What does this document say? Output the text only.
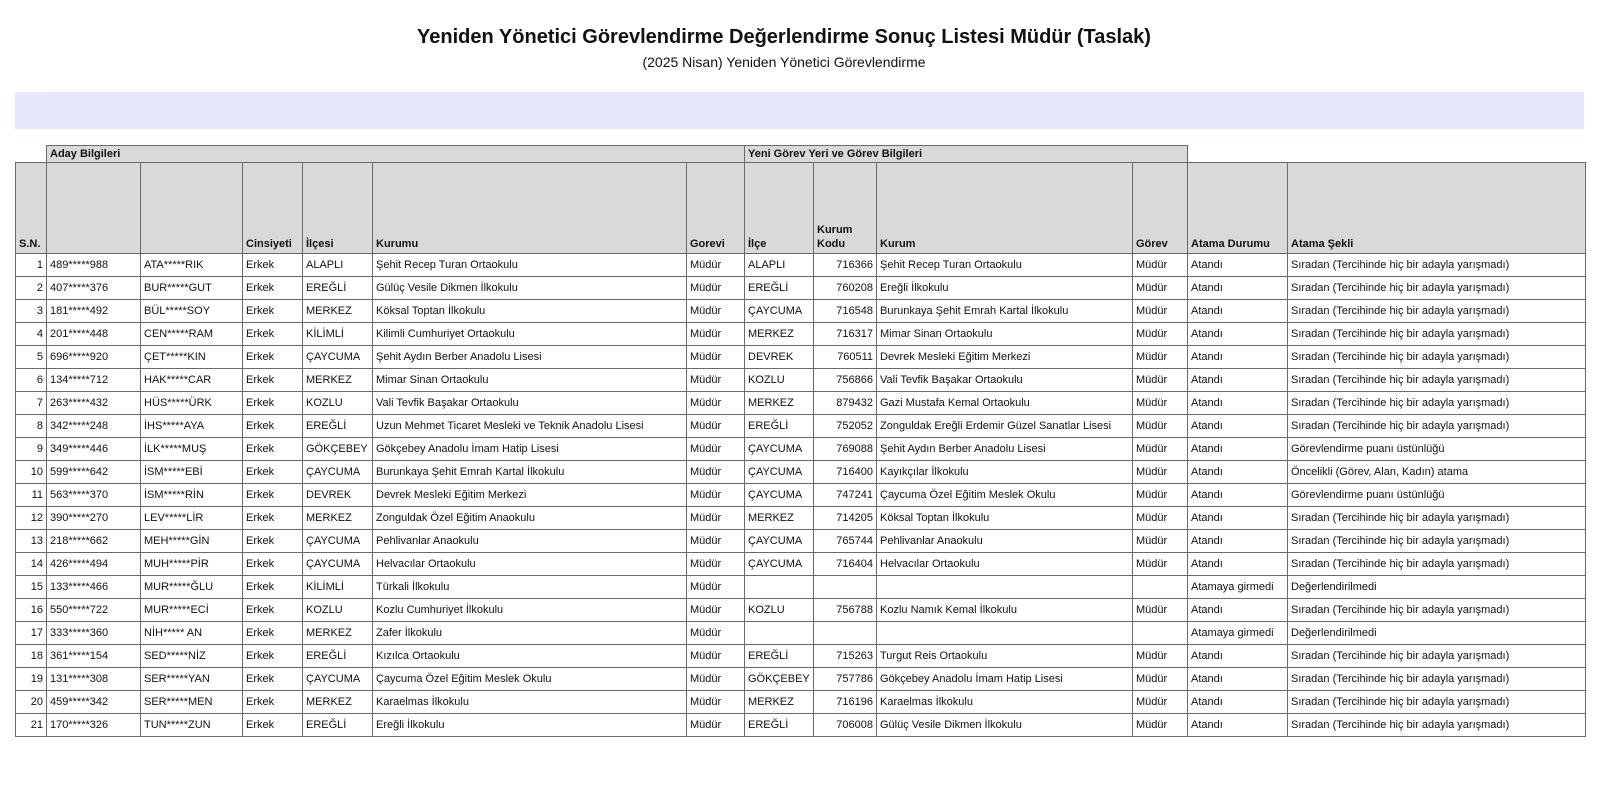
Yeniden Yönetici Görevlendirme Değerlendirme Sonuç Listesi Müdür (Taslak)
(2025 Nisan) Yeniden Yönetici Görevlendirme
	Aday Bilgileri						Yeni Görev Yeri ve Görev Bilgileri					
S.N.			Cinsiyeti	İlçesi	Kurumu	Gorevi	İlçe	Kurum Kodu	Kurum	Görev	Atama Durumu	Atama Şekli
1	489*****988	ATA*****RIK	Erkek	ALAPLI	Şehit Recep Turan Ortaokulu	Müdür	ALAPLI	716366	Şehit Recep Turan Ortaokulu	Müdür	Atandı	Sıradan (Tercihinde hiç bir adayla yarışmadı)
2	407*****376	BUR*****GUT	Erkek	EREĞLİ	Gülüç Vesile Dikmen İlkokulu	Müdür	EREĞLİ	760208	Ereğli İlkokulu	Müdür	Atandı	Sıradan (Tercihinde hiç bir adayla yarışmadı)
3	181*****492	BÜL*****SOY	Erkek	MERKEZ	Köksal Toptan İlkokulu	Müdür	ÇAYCUMA	716548	Burunkaya Şehit Emrah Kartal İlkokulu	Müdür	Atandı	Sıradan (Tercihinde hiç bir adayla yarışmadı)
4	201*****448	CEN*****RAM	Erkek	KİLİMLİ	Kilimli Cumhuriyet Ortaokulu	Müdür	MERKEZ	716317	Mimar Sinan Ortaokulu	Müdür	Atandı	Sıradan (Tercihinde hiç bir adayla yarışmadı)
5	696*****920	ÇET*****KIN	Erkek	ÇAYCUMA	Şehit Aydın Berber Anadolu Lisesi	Müdür	DEVREK	760511	Devrek Mesleki Eğitim Merkezi	Müdür	Atandı	Sıradan (Tercihinde hiç bir adayla yarışmadı)
6	134*****712	HAK*****CAR	Erkek	MERKEZ	Mimar Sinan Ortaokulu	Müdür	KOZLU	756866	Vali Tevfik Başakar Ortaokulu	Müdür	Atandı	Sıradan (Tercihinde hiç bir adayla yarışmadı)
7	263*****432	HÜS*****ÜRK	Erkek	KOZLU	Vali Tevfik Başakar Ortaokulu	Müdür	MERKEZ	879432	Gazi Mustafa Kemal Ortaokulu	Müdür	Atandı	Sıradan (Tercihinde hiç bir adayla yarışmadı)
8	342*****248	İHS*****AYA	Erkek	EREĞLİ	Uzun Mehmet Ticaret Mesleki ve Teknik Anadolu Lisesi	Müdür	EREĞLİ	752052	Zonguldak Ereğli Erdemir Güzel Sanatlar Lisesi	Müdür	Atandı	Sıradan (Tercihinde hiç bir adayla yarışmadı)
9	349*****446	İLK*****MUŞ	Erkek	GÖKÇEBEY	Gökçebey Anadolu İmam Hatip Lisesi	Müdür	ÇAYCUMA	769088	Şehit Aydın Berber Anadolu Lisesi	Müdür	Atandı	Görevlendirme puanı üstünlüğü
10	599*****642	İSM*****EBİ	Erkek	ÇAYCUMA	Burunkaya Şehit Emrah Kartal İlkokulu	Müdür	ÇAYCUMA	716400	Kayıkçılar İlkokulu	Müdür	Atandı	Öncelikli (Görev, Alan, Kadın) atama
11	563*****370	İSM*****RİN	Erkek	DEVREK	Devrek Mesleki Eğitim Merkezi	Müdür	ÇAYCUMA	747241	Çaycuma Özel Eğitim Meslek Okulu	Müdür	Atandı	Görevlendirme puanı üstünlüğü
12	390*****270	LEV*****LİR	Erkek	MERKEZ	Zonguldak Özel Eğitim Anaokulu	Müdür	MERKEZ	714205	Köksal Toptan İlkokulu	Müdür	Atandı	Sıradan (Tercihinde hiç bir adayla yarışmadı)
13	218*****662	MEH*****GİN	Erkek	ÇAYCUMA	Pehlivanlar Anaokulu	Müdür	ÇAYCUMA	765744	Pehlivanlar Anaokulu	Müdür	Atandı	Sıradan (Tercihinde hiç bir adayla yarışmadı)
14	426*****494	MUH*****PİR	Erkek	ÇAYCUMA	Helvacılar Ortaokulu	Müdür	ÇAYCUMA	716404	Helvacılar Ortaokulu	Müdür	Atandı	Sıradan (Tercihinde hiç bir adayla yarışmadı)
15	133*****466	MUR*****ĞLU	Erkek	KİLİMLİ	Türkali İlkokulu	Müdür					Atamaya girmedi	Değerlendirilmedi
16	550*****722	MUR*****ECİ	Erkek	KOZLU	Kozlu Cumhuriyet İlkokulu	Müdür	KOZLU	756788	Kozlu Namık Kemal İlkokulu	Müdür	Atandı	Sıradan (Tercihinde hiç bir adayla yarışmadı)
17	333*****360	NİH***** AN	Erkek	MERKEZ	Zafer İlkokulu	Müdür					Atamaya girmedi	Değerlendirilmedi
18	361*****154	SED*****NİZ	Erkek	EREĞLİ	Kızılca Ortaokulu	Müdür	EREĞLİ	715263	Turgut Reis Ortaokulu	Müdür	Atandı	Sıradan (Tercihinde hiç bir adayla yarışmadı)
19	131*****308	SER*****YAN	Erkek	ÇAYCUMA	Çaycuma Özel Eğitim Meslek Okulu	Müdür	GÖKÇEBEY	757786	Gökçebey Anadolu İmam Hatip Lisesi	Müdür	Atandı	Sıradan (Tercihinde hiç bir adayla yarışmadı)
20	459*****342	SER*****MEN	Erkek	MERKEZ	Karaelmas İlkokulu	Müdür	MERKEZ	716196	Karaelmas İlkokulu	Müdür	Atandı	Sıradan (Tercihinde hiç bir adayla yarışmadı)
21	170*****326	TUN*****ZUN	Erkek	EREĞLİ	Ereğli İlkokulu	Müdür	EREĞLİ	706008	Gülüç Vesile Dikmen İlkokulu	Müdür	Atandı	Sıradan (Tercihinde hiç bir adayla yarışmadı)
